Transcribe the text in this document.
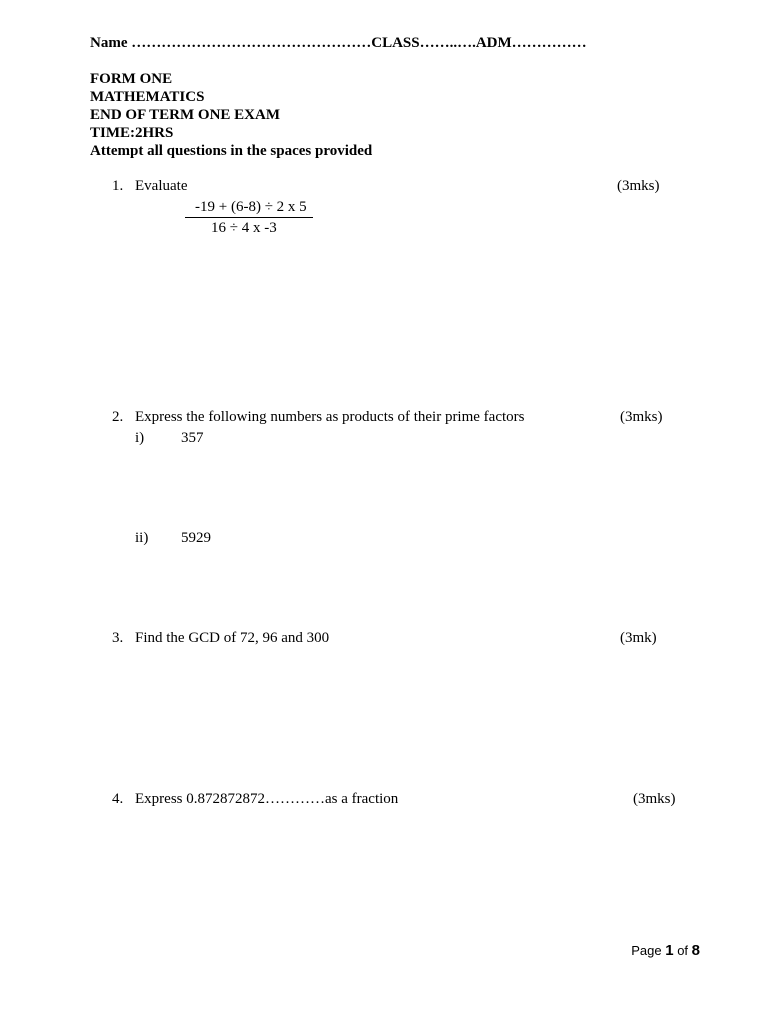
Name …………………………………………CLASS……..….ADM……………
FORM ONE
MATHEMATICS
END OF TERM ONE EXAM
TIME:2HRS
Attempt all questions in the spaces provided
1. Evaluate	(3mks)
-19 + (6-8) ÷ 2 x 5
16 ÷ 4 x -3
2. Express the following numbers as products of their prime factors	(3mks)
i) 357
ii) 5929
3. Find the GCD of 72, 96 and 300	(3mk)
4. Express 0.872872872…………as a fraction	(3mks)
Page 1 of 8
